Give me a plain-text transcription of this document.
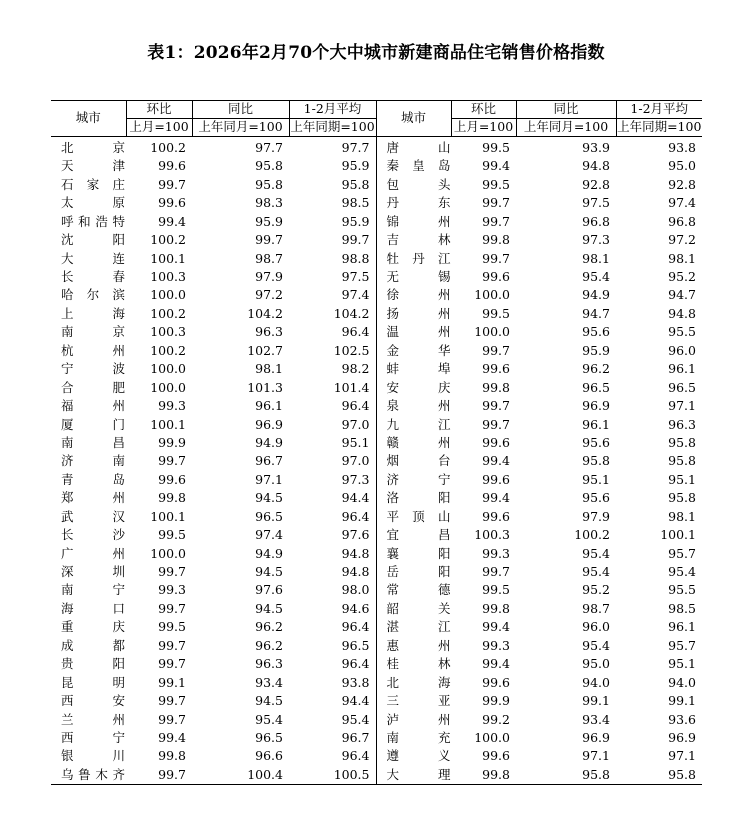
表1：2026年2月70个大中城市新建商品住宅销售价格指数
城市	环比	同比	1-2月平均	城市	环比	同比	1-2月平均
	上月=100	上年同月=100	上年同期=100		上月=100	上年同月=100	上年同期=100

北 京	100.2	97.7	97.7	唐 山	99.5	93.9	93.8

天 津	99.6	95.8	95.9	秦 皇 岛	99.4	94.8	95.0

石 家 庄	99.7	95.8	95.8	包 头	99.5	92.8	92.8

太 原	99.6	98.3	98.5	丹 东	99.7	97.5	97.4

呼 和 浩 特	99.4	95.9	95.9	锦 州	99.7	96.8	96.8

沈 阳	100.2	99.7	99.7	吉 林	99.8	97.3	97.2

大 连	100.1	98.7	98.8	牡 丹 江	99.7	98.1	98.1

长 春	100.3	97.9	97.5	无 锡	99.6	95.4	95.2

哈 尔 滨	100.0	97.2	97.4	徐 州	100.0	94.9	94.7

上 海	100.2	104.2	104.2	扬 州	99.5	94.7	94.8

南 京	100.3	96.3	96.4	温 州	100.0	95.6	95.5

杭 州	100.2	102.7	102.5	金 华	99.7	95.9	96.0

宁 波	100.0	98.1	98.2	蚌 埠	99.6	96.2	96.1

合 肥	100.0	101.3	101.4	安 庆	99.8	96.5	96.5

福 州	99.3	96.1	96.4	泉 州	99.7	96.9	97.1

厦 门	100.1	96.9	97.0	九 江	99.7	96.1	96.3

南 昌	99.9	94.9	95.1	赣 州	99.6	95.6	95.8

济 南	99.7	96.7	97.0	烟 台	99.4	95.8	95.8

青 岛	99.6	97.1	97.3	济 宁	99.6	95.1	95.1

郑 州	99.8	94.5	94.4	洛 阳	99.4	95.6	95.8

武 汉	100.1	96.5	96.4	平 顶 山	99.6	97.9	98.1

长 沙	99.5	97.4	97.6	宜 昌	100.3	100.2	100.1

广 州	100.0	94.9	94.8	襄 阳	99.3	95.4	95.7

深 圳	99.7	94.5	94.8	岳 阳	99.7	95.4	95.4

南 宁	99.3	97.6	98.0	常 德	99.5	95.2	95.5

海 口	99.7	94.5	94.6	韶 关	99.8	98.7	98.5

重 庆	99.5	96.2	96.4	湛 江	99.4	96.0	96.1

成 都	99.7	96.2	96.5	惠 州	99.3	95.4	95.7

贵 阳	99.7	96.3	96.4	桂 林	99.4	95.0	95.1

昆 明	99.1	93.4	93.8	北 海	99.6	94.0	94.0

西 安	99.7	94.5	94.4	三 亚	99.9	99.1	99.1

兰 州	99.7	95.4	95.4	泸 州	99.2	93.4	93.6

西 宁	99.4	96.5	96.7	南 充	100.0	96.9	96.9

银 川	99.8	96.6	96.4	遵 义	99.6	97.1	97.1

乌 鲁 木 齐	99.7	100.4	100.5	大 理	99.8	95.8	95.8
